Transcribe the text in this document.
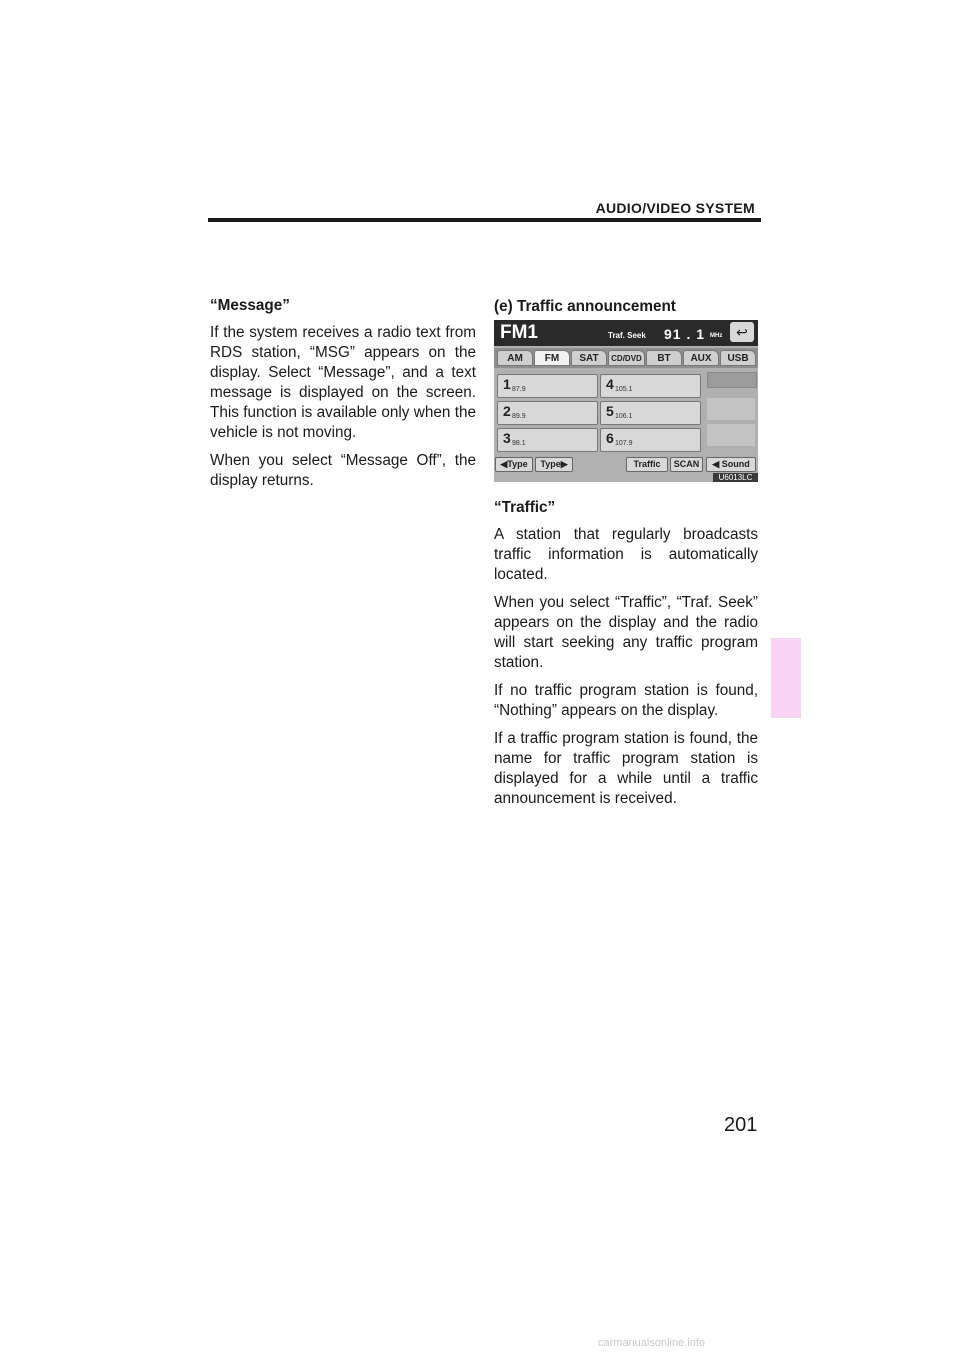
AUDIO/VIDEO SYSTEM

“Message”

If the system receives a radio text from RDS station, “MSG” appears on the display. Select “Message”, and a text message is displayed on the screen. This function is available only when the vehicle is not moving.

When you select “Message Off”, the display returns.

(e) Traffic announcement
FM1	Traf. Seek 91 . 1 MHz ↩
AM	FM	SAT	CD/DVD	BT	AUX	USB
1 87.9
2 89.9
3 98.1
4 105.1
5 106.1
6 107.9
◀Type	Type▶	Traffic	SCAN	◀ Sound
U6013LC

“Traffic”

A station that regularly broadcasts traffic information is automatically located.

When you select “Traffic”, “Traf. Seek” appears on the display and the radio will start seeking any traffic program station.

If no traffic program station is found, “Nothing” appears on the display.

If a traffic program station is found, the name for traffic program station is displayed for a while until a traffic announcement is received.

201
carmanualsonline.info
